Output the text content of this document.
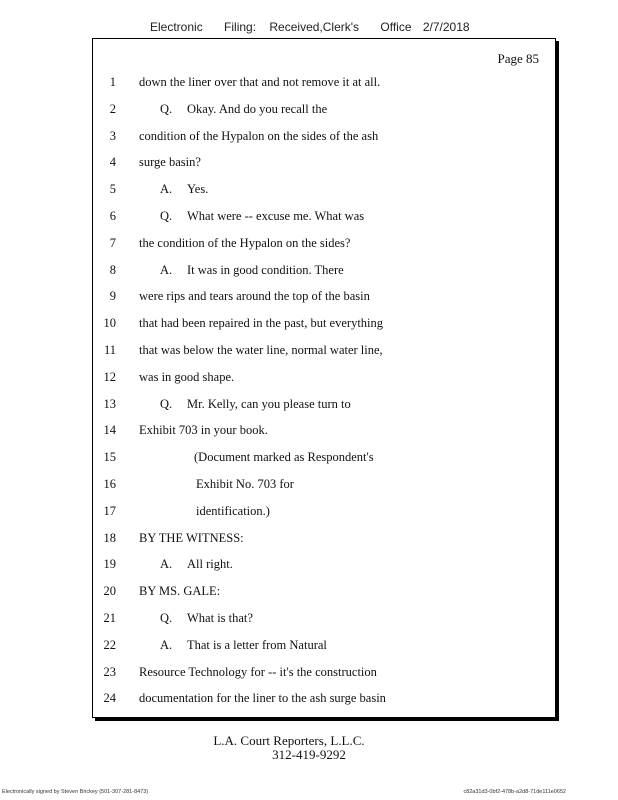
Electronic Filing: Received,Clerk's Office 2/7/2018
Page 85
1 down the liner over that and not remove it at all.
2	Q. Okay. And do you recall the
3 condition of the Hypalon on the sides of the ash
4 surge basin?
5	A. Yes.
6	Q. What were -- excuse me. What was
7 the condition of the Hypalon on the sides?
8	A. It was in good condition. There
9 were rips and tears around the top of the basin
10 that had been repaired in the past, but everything
11 that was below the water line, normal water line,
12 was in good shape.
13	Q. Mr. Kelly, can you please turn to
14 Exhibit 703 in your book.
15	(Document marked as Respondent's
16	Exhibit No. 703 for
17	identification.)
18 BY THE WITNESS:
19	A. All right.
20 BY MS. GALE:
21	Q. What is that?
22	A. That is a letter from Natural
23 Resource Technology for -- it's the construction
24 documentation for the liner to the ash surge basin
L.A. Court Reporters, L.L.C.
312-419-9292
Electronically signed by Steven Brickey (501-307-281-8473)	c82a31d3-0bf2-478b-a2d8-71de111e0652
